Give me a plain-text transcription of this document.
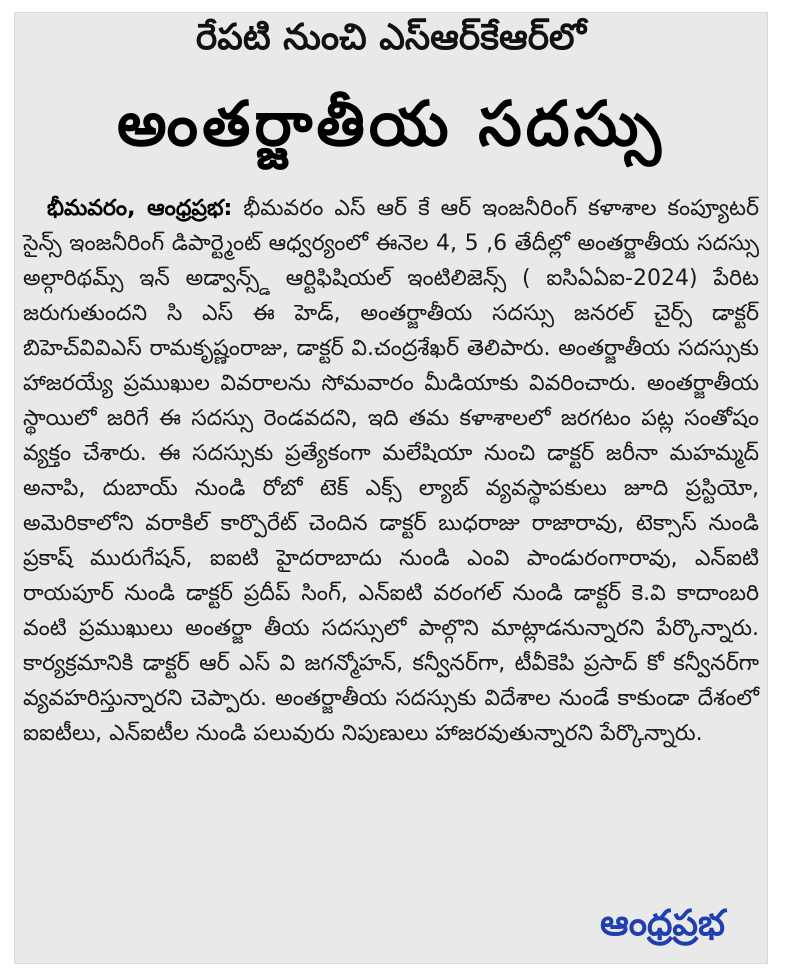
రేపటి నుంచి ఎస్ఆర్‌కేఆర్‌లో
అంతర్జాతీయ సదస్సు

భీమవరం, ఆంధ్రప్రభ: భీమవరం ఎస్ ఆర్ కే ఆర్ ఇంజనీరింగ్ కళాశాల కంప్యూటర్ సైన్స్ ఇంజనీరింగ్ డిపార్ట్మెంట్ ఆధ్వర్యంలో ఈనెల 4, 5 ,6 తేదీల్లో అంతర్జాతీయ సదస్సు అల్గారిథమ్స్ ఇన్ అడ్వాన్స్డ్ ఆర్టిఫిషియల్ ఇంటిలిజెన్స్ ( ఐసిఏఏఐ-2024) పేరిట జరుగుతుందని సి ఎస్ ఈ హెడ్, అంతర్జాతీయ సదస్సు జనరల్ చైర్స్ డాక్టర్ బిహెచ్‌వివిఎస్ రామకృష్ణంరాజు, డాక్టర్ వి.చంద్రశేఖర్ తెలిపారు. అంతర్జాతీయ సదస్సుకు హాజరయ్యే ప్రముఖుల వివరాలను సోమవారం మీడియాకు వివరించారు. అంతర్జాతీయ స్థాయిలో జరిగే ఈ సదస్సు రెండవదని, ఇది తమ కళాశాలలో జరగటం పట్ల సంతోషం వ్యక్తం చేశారు. ఈ సదస్సుకు ప్రత్యేకంగా మలేషియా నుంచి డాక్టర్ జరీనా మహమ్మద్ అనాపి, దుబాయ్ నుండి రోబో టెక్ ఎక్స్ ల్యాబ్ వ్యవస్థాపకులు జూది ప్రస్టియో, అమెరికాలోని వరాకిల్ కార్పొరేట్ చెందిన డాక్టర్ బుధరాజు రాజారావు, టెక్సాస్ నుండి ప్రకాష్ మురుగేషన్, ఐఐటి హైదరాబాదు నుండి ఎంవి పాండురంగారావు, ఎన్ఐటి రాయపూర్ నుండి డాక్టర్ ప్రదీప్ సింగ్, ఎన్ఐటి వరంగల్ నుండి డాక్టర్ కె.వి కాదాంబరి వంటి ప్రముఖులు అంతర్జా తీయ సదస్సులో పాల్గొని మాట్లాడనున్నారని పేర్కొన్నారు. కార్యక్రమానికి డాక్టర్ ఆర్ ఎస్ వి జగన్మోహన్, కన్వీనర్‌గా, టీవీకెపి ప్రసాద్ కో కన్వీనర్‌గా వ్యవహరిస్తున్నారని చెప్పారు. అంతర్జాతీయ సదస్సుకు విదేశాల నుండే కాకుండా దేశంలో ఐఐటీలు, ఎన్ఐటీల నుండి పలువురు నిపుణులు హాజరవుతున్నారని పేర్కొన్నారు.

ఆంధ్రప్రభ
